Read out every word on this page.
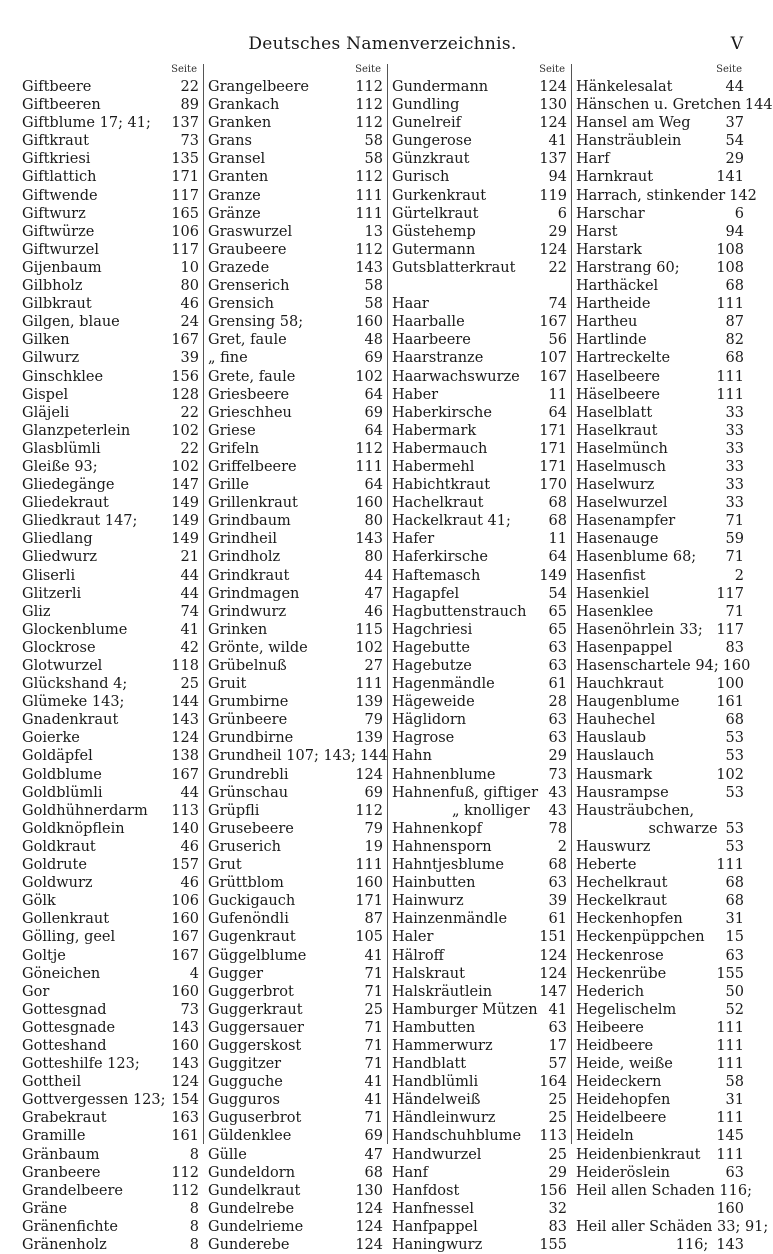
Deutsches Namenverzeichnis.	V
Seite
Giftbeere	22
Giftbeeren	89
Giftblume 17; 41; 137
Giftkraut	73
Giftkriesi	135
Giftlattich	171
Giftwende	117
Giftwurz	165
Giftwürze	106
Giftwurzel	117
Gijenbaum	10
Gilbholz	80
Gilbkraut	46
Gilgen, blaue	24
Gilken	167
Gilwurz	39
Ginschklee	156
Gispel	128
Gläjeli	22
Glanzpeterlein	102
Glasblümli	22
Gleiße 93;	102
Gliedegänge	147
Gliedekraut	149
Gliedkraut 147; 149
Gliedlang	149
Gliedwurz	21
Gliserli	44
Glitzerli	44
Gliz	74
Glockenblume	41
Glockrose	42
Glotwurzel	118
Glückshand 4;	25
Glümeke 143;	144
Gnadenkraut	143
Goierke	124
Goldäpfel	138
Goldblume	167
Goldblümli	44
Goldhühnerdarm 113
Goldknöpflein	140
Goldkraut	46
Goldrute	157
Goldwurz	46
Gölk	106
Gollenkraut	160
Gölling, geel	167
Goltje	167
Göneichen	4
Gor	160
Gottesgnad	73
Gottesgnade	143
Gotteshand	160
Gotteshilfe 123; 143
Gottheil	124
Gottvergessen 123; 154
Grabekraut	163
Gramille	161
Gränbaum	8
Granbeere	112
Grandelbeere	112
Gräne	8
Gränenfichte	8
Gränenholz	8
Seite
Grangelbeere	112
Grankach	112
Granken	112
Grans	58
Gransel	58
Granten	112
Granze	111
Gränze	111
Graswurzel	13
Graubeere	112
Grazede	143
Grenserich	58
Grensich	58
Grensing 58;	160
Gret, faule	48
„ fine	69
Grete, faule	102
Griesbeere	64
Grieschheu	69
Griese	64
Grifeln	112
Griffelbeere	111
Grille	64
Grillenkraut	160
Grindbaum	80
Grindheil	143
Grindholz	80
Grindkraut	44
Grindmagen	47
Grindwurz	46
Grinken	115
Grönte, wilde	102
Grübelnuß	27
Gruit	111
Grumbirne	139
Grünbeere	79
Grundbirne	139
Grundheil 107; 143; 144
Grundrebli	124
Grünschau	69
Grüpfli	112
Grusebeere	79
Gruserich	19
Grut	111
Grüttblom	160
Guckigauch	171
Gufenöndli	87
Gugenkraut	105
Güggelblume	41
Gugger	71
Guggerbrot	71
Guggerkraut	25
Guggersauer	71
Guggerskost	71
Guggitzer	71
Gugguche	41
Gugguros	41
Guguserbrot	71
Güldenklee	69
Gülle	47
Gundeldorn	68
Gundelkraut	130
Gundelrebe	124
Gundelrieme	124
Gunderebe	124
Seite
Gundermann	124
Gundling	130
Gunelreif	124
Gungerose	41
Günzkraut	137
Gurisch	94
Gurkenkraut	119
Gürtelkraut	6
Güstehemp	29
Gutermann	124
Gutsblatterkraut 22
Haar	74
Haarballe	167
Haarbeere	56
Haarstranze	107
Haarwachswurze 167
Haber	11
Haberkirsche	64
Habermark	171
Habermauch	171
Habermehl	171
Habichtkraut	170
Hachelkraut	68
Hackelkraut 41;	68
Hafer	11
Haferkirsche	64
Haftemasch	149
Hagapfel	54
Hagbuttenstrauch 65
Hagchriesi	65
Hagebutte	63
Hagebutze	63
Hagenmändle	61
Hägeweide	28
Häglidorn	63
Hagrose	63
Hahn	29
Hahnenblume	73
Hahnenfuß, giftiger 43
„ knolliger 43
Hahnenkopf	78
Hahnensporn	2
Hahntjesblume	68
Hainbutten	63
Hainwurz	39
Hainzenmändle	61
Haler	151
Hälroff	124
Halskraut	124
Halskräutlein	147
Hamburger Mützen 41
Hambutten	63
Hammerwurz	17
Handblatt	57
Handblümli	164
Händelweiß	25
Händleinwurz	25
Handschuhblume 113
Handwurzel	25
Hanf	29
Hanfdost	156
Hanfnessel	32
Hanfpappel	83
Haningwurz	155
Seite
Hänkelesalat	44
Hänschen u. Gretchen 144
Hansel am Weg 37
Hansträublein	54
Harf	29
Harnkraut	141
Harrach, stinkender 142
Harschar	6
Harst	94
Harstark	108
Harstrang 60;	108
Harthäckel	68
Hartheide	111
Hartheu	87
Hartlinde	82
Hartreckelte	68
Haselbeere	111
Häselbeere	111
Haselblatt	33
Haselkraut	33
Haselmünch	33
Haselmusch	33
Haselwurz	33
Haselwurzel	33
Hasenampfer	71
Hasenauge	59
Hasenblume 68; 71
Hasenfist	2
Hasenkiel	117
Hasenklee	71
Hasenöhrlein 33; 117
Hasenpappel	83
Hasenschartele 94; 160
Hauchkraut	100
Haugenblume	161
Hauhechel	68
Hauslaub	53
Hauslauch	53
Hausmark	102
Hausrampse	53
Hausträubchen,
schwarze 53
Hauswurz	53
Heberte	111
Hechelkraut	68
Heckelkraut	68
Heckenhopfen	31
Heckenpüppchen 15
Heckenrose	63
Heckenrübe	155
Hederich	50
Hegelischelm	52
Heibeere	111
Heidbeere	111
Heide, weiße	111
Heideckern	58
Heidehopfen	31
Heidelbeere	111
Heideln	145
Heidenbienkraut 111
Heideröslein	63
Heil allen Schaden 116;
160
Heil aller Schäden 33; 91;
116; 143
